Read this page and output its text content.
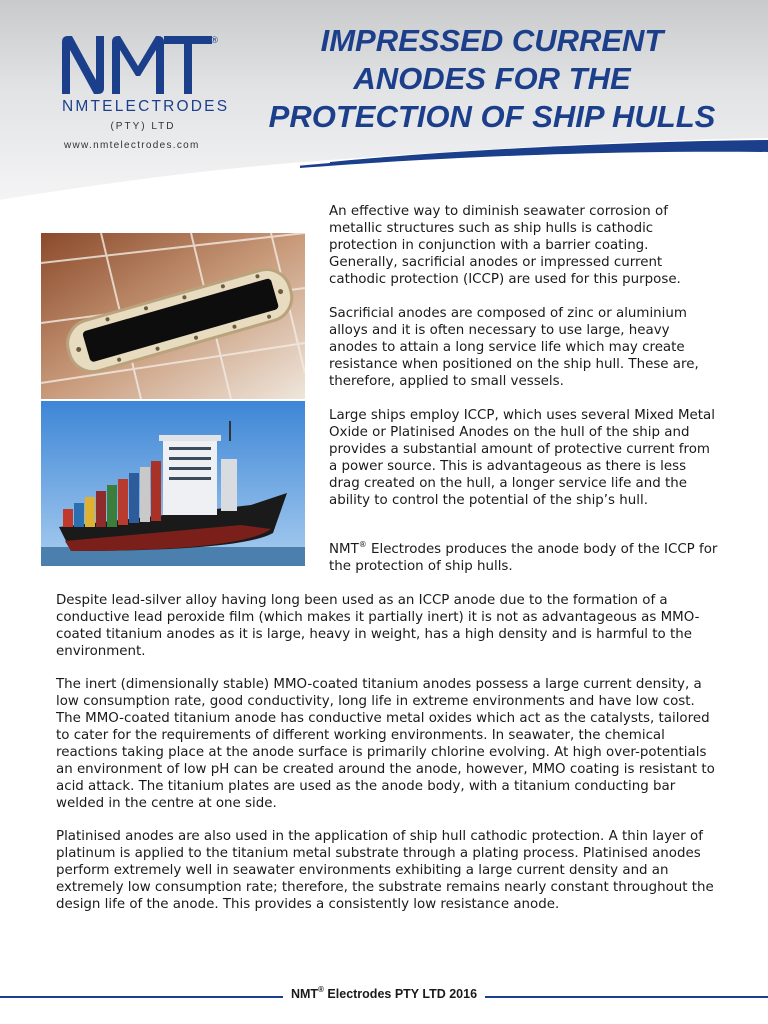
®
NMTELECTRODES
(PTY) LTD
www.nmtelectrodes.com
IMPRESSED CURRENT
ANODES FOR THE
PROTECTION OF SHIP HULLS

An effective way to diminish seawater corrosion of metallic structures such as ship hulls is cathodic protection in conjunction with a barrier coating. Generally, sacrificial anodes or impressed current cathodic protection (ICCP) are used for this purpose.

Sacrificial anodes are composed of zinc or aluminium alloys and it is often necessary to use large, heavy anodes to attain a long service life which may create resistance when positioned on the ship hull. These are, therefore, applied to small vessels.

Large ships employ ICCP, which uses several Mixed Metal Oxide or Platinised Anodes on the hull of the ship and provides a substantial amount of protective current from a power source. This is advantageous as there is less drag created on the hull, a longer service life and the ability to control the potential of the ship’s hull.

NMT® Electrodes produces the anode body of the ICCP for the protection of ship hulls.

Despite lead-silver alloy having long been used as an ICCP anode due to the formation of a conductive lead peroxide film (which makes it partially inert) it is not as advantageous as MMO-coated titanium anodes as it is large, heavy in weight, has a high density and is harmful to the environment.

The inert (dimensionally stable) MMO-coated titanium anodes possess a large current density, a low consumption rate, good conductivity, long life in extreme environments and have low cost. The MMO-coated titanium anode has conductive metal oxides which act as the catalysts, tailored to cater for the requirements of different working environments. In seawater, the chemical reactions taking place at the anode surface is primarily chlorine evolving. At high over-potentials an environment of low pH can be created around the anode, however, MMO coating is resistant to acid attack. The titanium plates are used as the anode body, with a titanium conducting bar welded in the centre at one side.

Platinised anodes are also used in the application of ship hull cathodic protection. A thin layer of platinum is applied to the titanium metal substrate through a plating process. Platinised anodes perform extremely well in seawater environments exhibiting a large current density and an extremely low consumption rate; therefore, the substrate remains nearly constant throughout the design life of the anode. This provides a consistently low resistance anode.

NMT® Electrodes PTY LTD 2016
